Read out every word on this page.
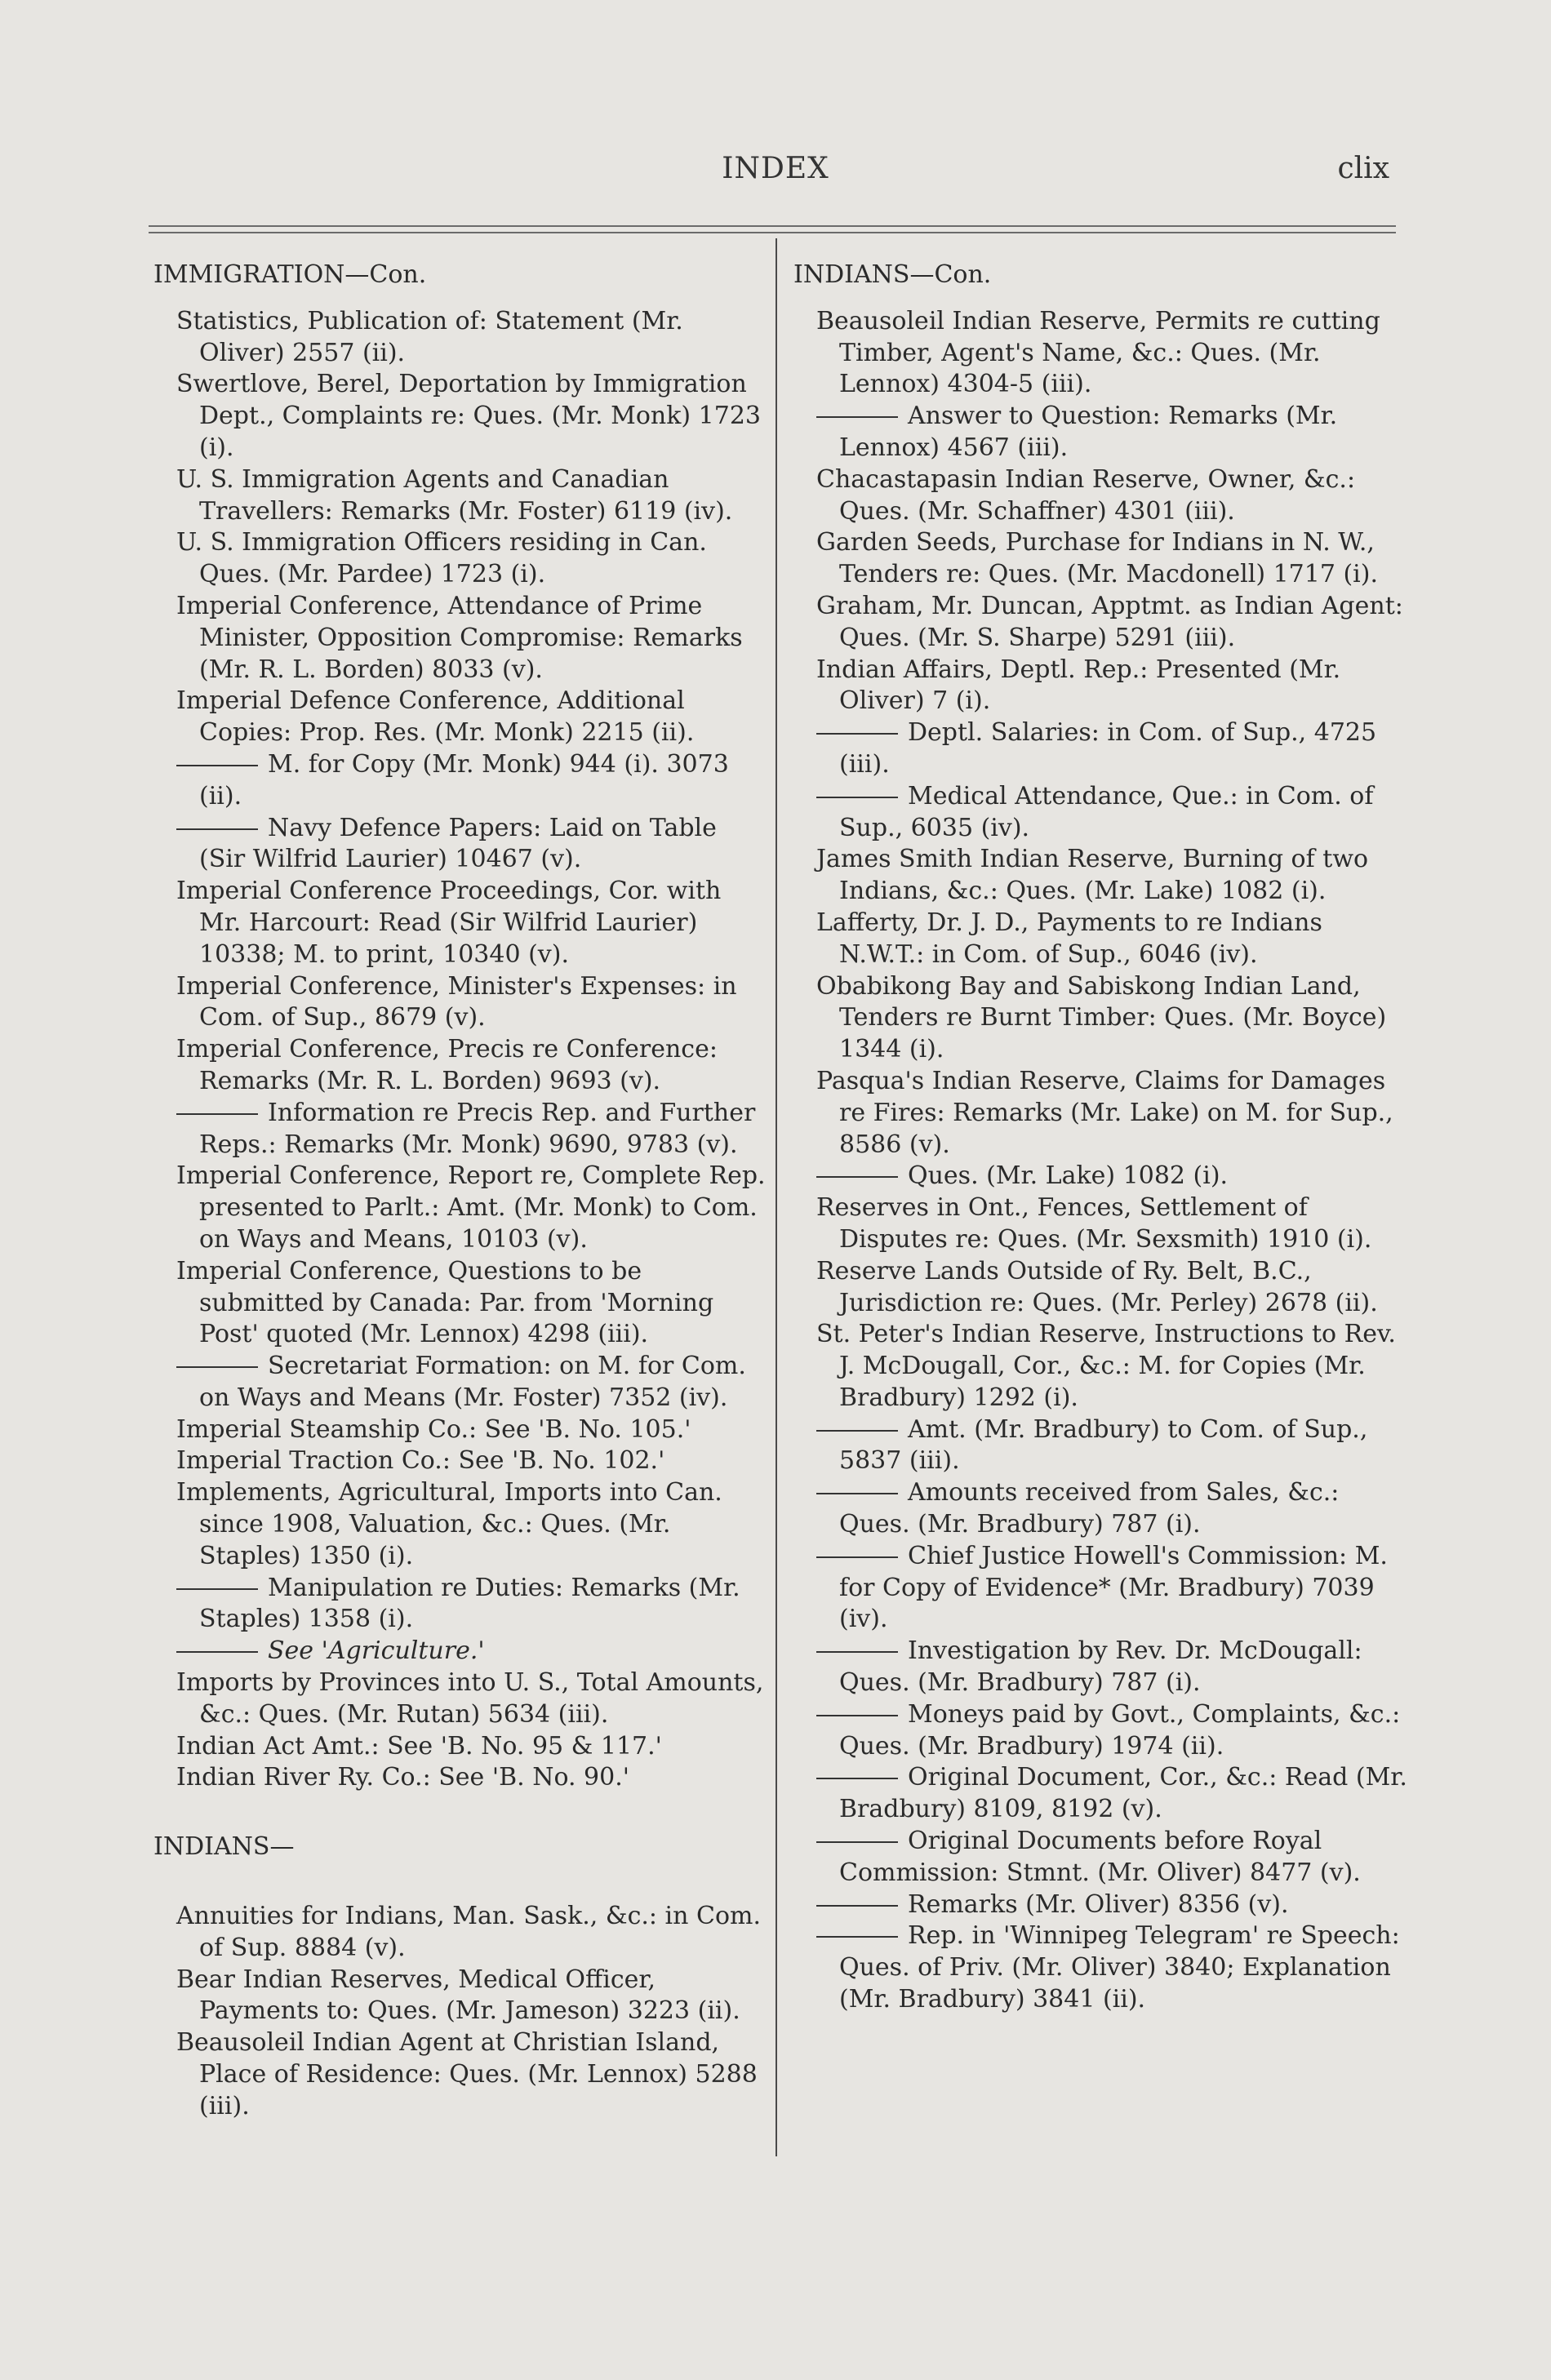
INDEX	clix

IMMIGRATION—Con.

Statistics, Publication of: Statement (Mr. Oliver) 2557 (ii).

Swertlove, Berel, Deportation by Immigration Dept., Complaints re: Ques. (Mr. Monk) 1723 (i).

U. S. Immigration Agents and Canadian Travellers: Remarks (Mr. Foster) 6119 (iv).

U. S. Immigration Officers residing in Can. Ques. (Mr. Pardee) 1723 (i).

Imperial Conference, Attendance of Prime Minister, Opposition Compromise: Remarks (Mr. R. L. Borden) 8033 (v).

Imperial Defence Conference, Additional Copies: Prop. Res. (Mr. Monk) 2215 (ii).

M. for Copy (Mr. Monk) 944 (i). 3073 (ii).

Navy Defence Papers: Laid on Table (Sir Wilfrid Laurier) 10467 (v).

Imperial Conference Proceedings, Cor. with Mr. Harcourt: Read (Sir Wilfrid Laurier) 10338; M. to print, 10340 (v).

Imperial Conference, Minister's Expenses: in Com. of Sup., 8679 (v).

Imperial Conference, Precis re Conference: Remarks (Mr. R. L. Borden) 9693 (v).

Information re Precis Rep. and Further Reps.: Remarks (Mr. Monk) 9690, 9783 (v).

Imperial Conference, Report re, Complete Rep. presented to Parlt.: Amt. (Mr. Monk) to Com. on Ways and Means, 10103 (v).

Imperial Conference, Questions to be submitted by Canada: Par. from 'Morning Post' quoted (Mr. Lennox) 4298 (iii).

Secretariat Formation: on M. for Com. on Ways and Means (Mr. Foster) 7352 (iv).

Imperial Steamship Co.: See 'B. No. 105.'

Imperial Traction Co.: See 'B. No. 102.'

Implements, Agricultural, Imports into Can. since 1908, Valuation, &c.: Ques. (Mr. Staples) 1350 (i).

Manipulation re Duties: Remarks (Mr. Staples) 1358 (i).

See 'Agriculture.'

Imports by Provinces into U. S., Total Amounts, &c.: Ques. (Mr. Rutan) 5634 (iii).

Indian Act Amt.: See 'B. No. 95 & 117.'

Indian River Ry. Co.: See 'B. No. 90.'

INDIANS—

Annuities for Indians, Man. Sask., &c.: in Com. of Sup. 8884 (v).

Bear Indian Reserves, Medical Officer, Payments to: Ques. (Mr. Jameson) 3223 (ii).

Beausoleil Indian Agent at Christian Island, Place of Residence: Ques. (Mr. Lennox) 5288 (iii).

INDIANS—Con.

Beausoleil Indian Reserve, Permits re cutting Timber, Agent's Name, &c.: Ques. (Mr. Lennox) 4304-5 (iii).

Answer to Question: Remarks (Mr. Lennox) 4567 (iii).

Chacastapasin Indian Reserve, Owner, &c.: Ques. (Mr. Schaffner) 4301 (iii).

Garden Seeds, Purchase for Indians in N. W., Tenders re: Ques. (Mr. Macdonell) 1717 (i).

Graham, Mr. Duncan, Apptmt. as Indian Agent: Ques. (Mr. S. Sharpe) 5291 (iii).

Indian Affairs, Deptl. Rep.: Presented (Mr. Oliver) 7 (i).

Deptl. Salaries: in Com. of Sup., 4725 (iii).

Medical Attendance, Que.: in Com. of Sup., 6035 (iv).

James Smith Indian Reserve, Burning of two Indians, &c.: Ques. (Mr. Lake) 1082 (i).

Lafferty, Dr. J. D., Payments to re Indians N.W.T.: in Com. of Sup., 6046 (iv).

Obabikong Bay and Sabiskong Indian Land, Tenders re Burnt Timber: Ques. (Mr. Boyce) 1344 (i).

Pasqua's Indian Reserve, Claims for Damages re Fires: Remarks (Mr. Lake) on M. for Sup., 8586 (v).

Ques. (Mr. Lake) 1082 (i).

Reserves in Ont., Fences, Settlement of Disputes re: Ques. (Mr. Sexsmith) 1910 (i).

Reserve Lands Outside of Ry. Belt, B.C., Jurisdiction re: Ques. (Mr. Perley) 2678 (ii).

St. Peter's Indian Reserve, Instructions to Rev. J. McDougall, Cor., &c.: M. for Copies (Mr. Bradbury) 1292 (i).

Amt. (Mr. Bradbury) to Com. of Sup., 5837 (iii).

Amounts received from Sales, &c.: Ques. (Mr. Bradbury) 787 (i).

Chief Justice Howell's Commission: M. for Copy of Evidence* (Mr. Bradbury) 7039 (iv).

Investigation by Rev. Dr. McDougall: Ques. (Mr. Bradbury) 787 (i).

Moneys paid by Govt., Complaints, &c.: Ques. (Mr. Bradbury) 1974 (ii).

Original Document, Cor., &c.: Read (Mr. Bradbury) 8109, 8192 (v).

Original Documents before Royal Commission: Stmnt. (Mr. Oliver) 8477 (v).

Remarks (Mr. Oliver) 8356 (v).

Rep. in 'Winnipeg Telegram' re Speech: Ques. of Priv. (Mr. Oliver) 3840; Explanation (Mr. Bradbury) 3841 (ii).
